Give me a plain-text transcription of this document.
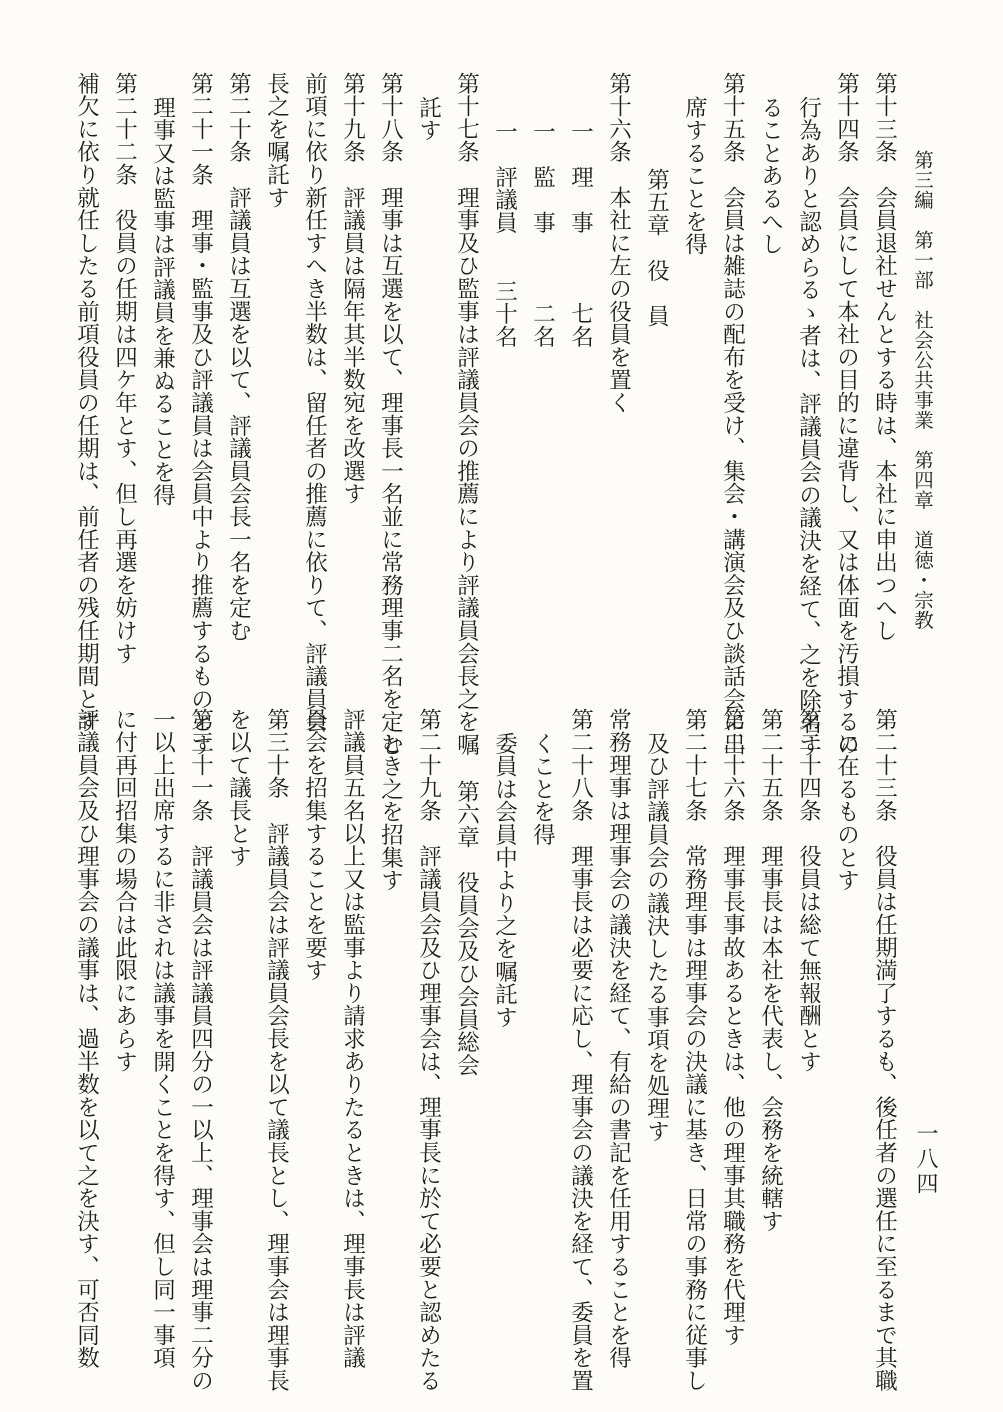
第三編　第一部　社会公共事業　第四章　道徳・宗教
一八四
第十三条　会員退社せんとする時は、本社に申出つへし
第十四条　会員にして本社の目的に違背し、又は体面を汚損するの
行為ありと認めらるゝ者は、評議員会の議決を経て、之を除名す
ることあるへし
第十五条　会員は雑誌の配布を受け、集会・講演会及ひ談話会に出
席することを得
第五章　役　員
第十六条　本社に左の役員を置く
一　理　事　　　七名
一　監　事　　　二名
一　評議員　　三十名
第十七条　理事及ひ監事は評議員会の推薦により評議員会長之を嘱
託す
第十八条　理事は互選を以て、理事長一名並に常務理事二名を定む
第十九条　評議員は隔年其半数宛を改選す
前項に依り新任すへき半数は、留任者の推薦に依りて、評議員会
長之を嘱託す
第二十条　評議員は互選を以て、評議員会長一名を定む
第二十一条　理事・監事及ひ評議員は会員中より推薦するものとす
理事又は監事は評議員を兼ぬることを得
第二十二条　役員の任期は四ケ年とす、但し再選を妨けす
補欠に依り就任したる前項役員の任期は、前任者の残任期間とす
第二十三条　役員は任期満了するも、後任者の選任に至るまで其職
に在るものとす
第二十四条　役員は総て無報酬とす
第二十五条　理事長は本社を代表し、会務を統轄す
第二十六条　理事長事故あるときは、他の理事其職務を代理す
第二十七条　常務理事は理事会の決議に基き、日常の事務に従事し
及ひ評議員会の議決したる事項を処理す
常務理事は理事会の議決を経て、有給の書記を任用することを得
第二十八条　理事長は必要に応し、理事会の議決を経て、委員を置
くことを得
委員は会員中より之を嘱託す
第六章　役員会及ひ会員総会
第二十九条　評議員会及ひ理事会は、理事長に於て必要と認めたる
とき之を招集す
評議員五名以上又は監事より請求ありたるときは、理事長は評議
員会を招集することを要す
第三十条　評議員会は評議員会長を以て議長とし、理事会は理事長
を以て議長とす
第三十一条　評議員会は評議員四分の一以上、理事会は理事二分の
一以上出席するに非されは議事を開くことを得す、但し同一事項
に付再回招集の場合は此限にあらす
評議員会及ひ理事会の議事は、過半数を以て之を決す、可否同数
